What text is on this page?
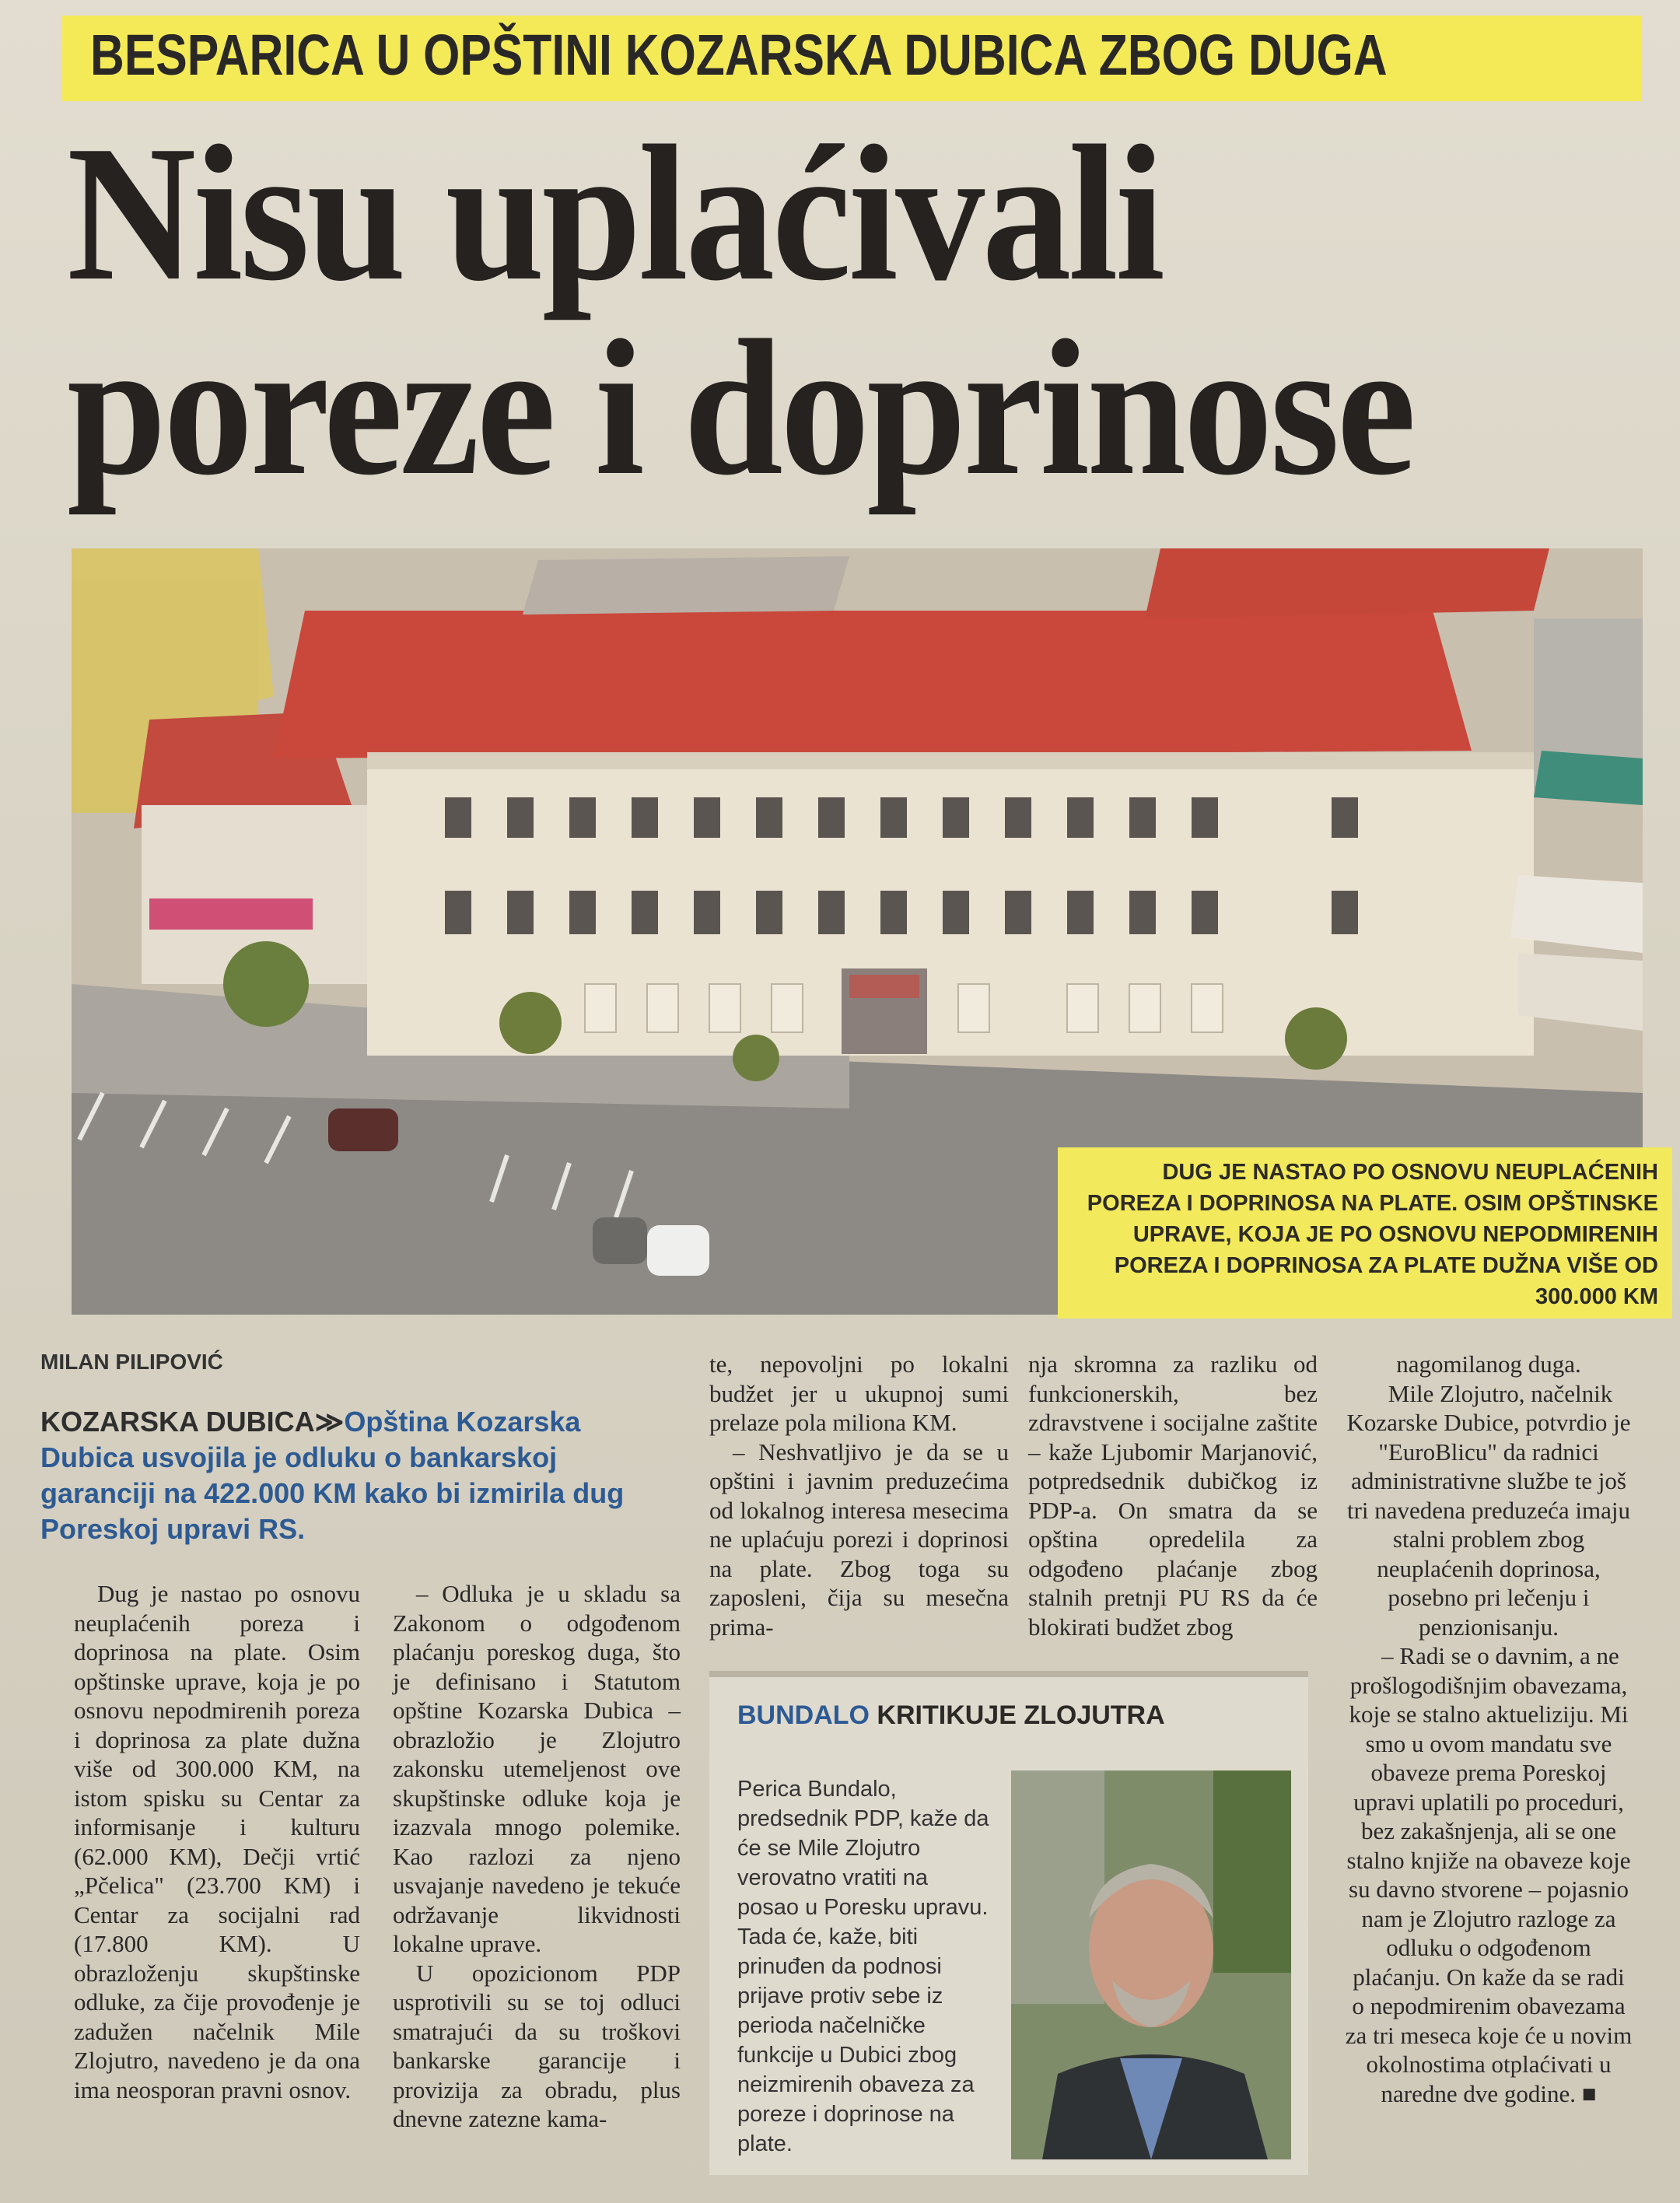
BESPARICA U OPŠTINI KOZARSKA DUBICA ZBOG DUGA
Nisu uplaćivali
poreze i doprinose
DUG JE NASTAO PO OSNOVU NEUPLAĆENIH POREZA I DOPRINOSA NA PLATE. OSIM OPŠTINSKE UPRAVE, KOJA JE PO OSNOVU NEPODMIRENIH POREZA I DOPRINOSA ZA PLATE DUŽNA VIŠE OD 300.000 KM
MILAN PILIPOVIĆ
KOZARSKA DUBICA≫Opština Kozarska Dubica usvojila je odluku o bankarskoj garanciji na 422.000 KM kako bi izmirila dug Poreskoj upravi RS.

Dug je nastao po osnovu neuplaćenih poreza i doprinosa na plate. Osim opštinske uprave, koja je po osnovu nepodmirenih poreza i doprinosa za plate dužna više od 300.000 KM, na istom spisku su Centar za informisanje i kulturu (62.000 KM), Dečji vrtić „Pčelica" (23.700 KM) i Centar za socijalni rad (17.800 KM). U obrazloženju skupštinske odluke, za čije provođenje je zadužen načelnik Mile Zlojutro, navedeno je da ona ima neosporan pravni osnov.

– Odluka je u skladu sa Zakonom o odgođenom plaćanju poreskog duga, što je definisano i Statutom opštine Kozarska Dubica – obrazložio je Zlojutro zakonsku utemeljenost ove skupštinske odluke koja je izazvala mnogo polemike. Kao razlozi za njeno usvajanje navedeno je tekuće održavanje likvidnosti lokalne uprave.

U opozicionom PDP usprotivili su se toj odluci smatrajući da su troškovi bankarske garancije i provizija za obradu, plus dnevne zatezne kama-

te, nepovoljni po lokalni budžet jer u ukupnoj sumi prelaze pola miliona KM.

– Neshvatljivo je da se u opštini i javnim preduzećima od lokalnog interesa mesecima ne uplaćuju porezi i doprinosi na plate. Zbog toga su zaposleni, čija su mesečna prima-

nja skromna za razliku od funkcionerskih, bez zdravstvene i socijalne zaštite – kaže Ljubomir Marjanović, potpredsednik dubičkog iz PDP-a. On smatra da se opština opredelila za odgođeno plaćanje zbog stalnih pretnji PU RS da će blokirati budžet zbog

nagomilanog duga.

Mile Zlojutro, načelnik Kozarske Dubice, potvrdio je "EuroBlicu" da radnici administrativne službe te još tri navedena preduzeća imaju stalni problem zbog neuplaćenih doprinosa, posebno pri lečenju i penzionisanju.

– Radi se o davnim, a ne prošlogodišnjim obavezama, koje se stalno aktueliziju. Mi smo u ovom mandatu sve obaveze prema Poreskoj upravi uplatili po proceduri, bez zakašnjenja, ali se one stalno knjiže na obaveze koje su davno stvorene – pojasnio nam je Zlojutro razloge za odluku o odgođenom plaćanju. On kaže da se radi o nepodmirenim obavezama za tri meseca koje će u novim okolnostima otplaćivati u naredne dve godine. ■

BUNDALO KRITIKUJE ZLOJUTRA
Perica Bundalo, predsednik PDP, kaže da će se Mile Zlojutro verovatno vratiti na posao u Poresku upravu. Tada će, kaže, biti prinuđen da podnosi prijave protiv sebe iz perioda načelničke funkcije u Dubici zbog neizmirenih obaveza za poreze i doprinose na plate.
